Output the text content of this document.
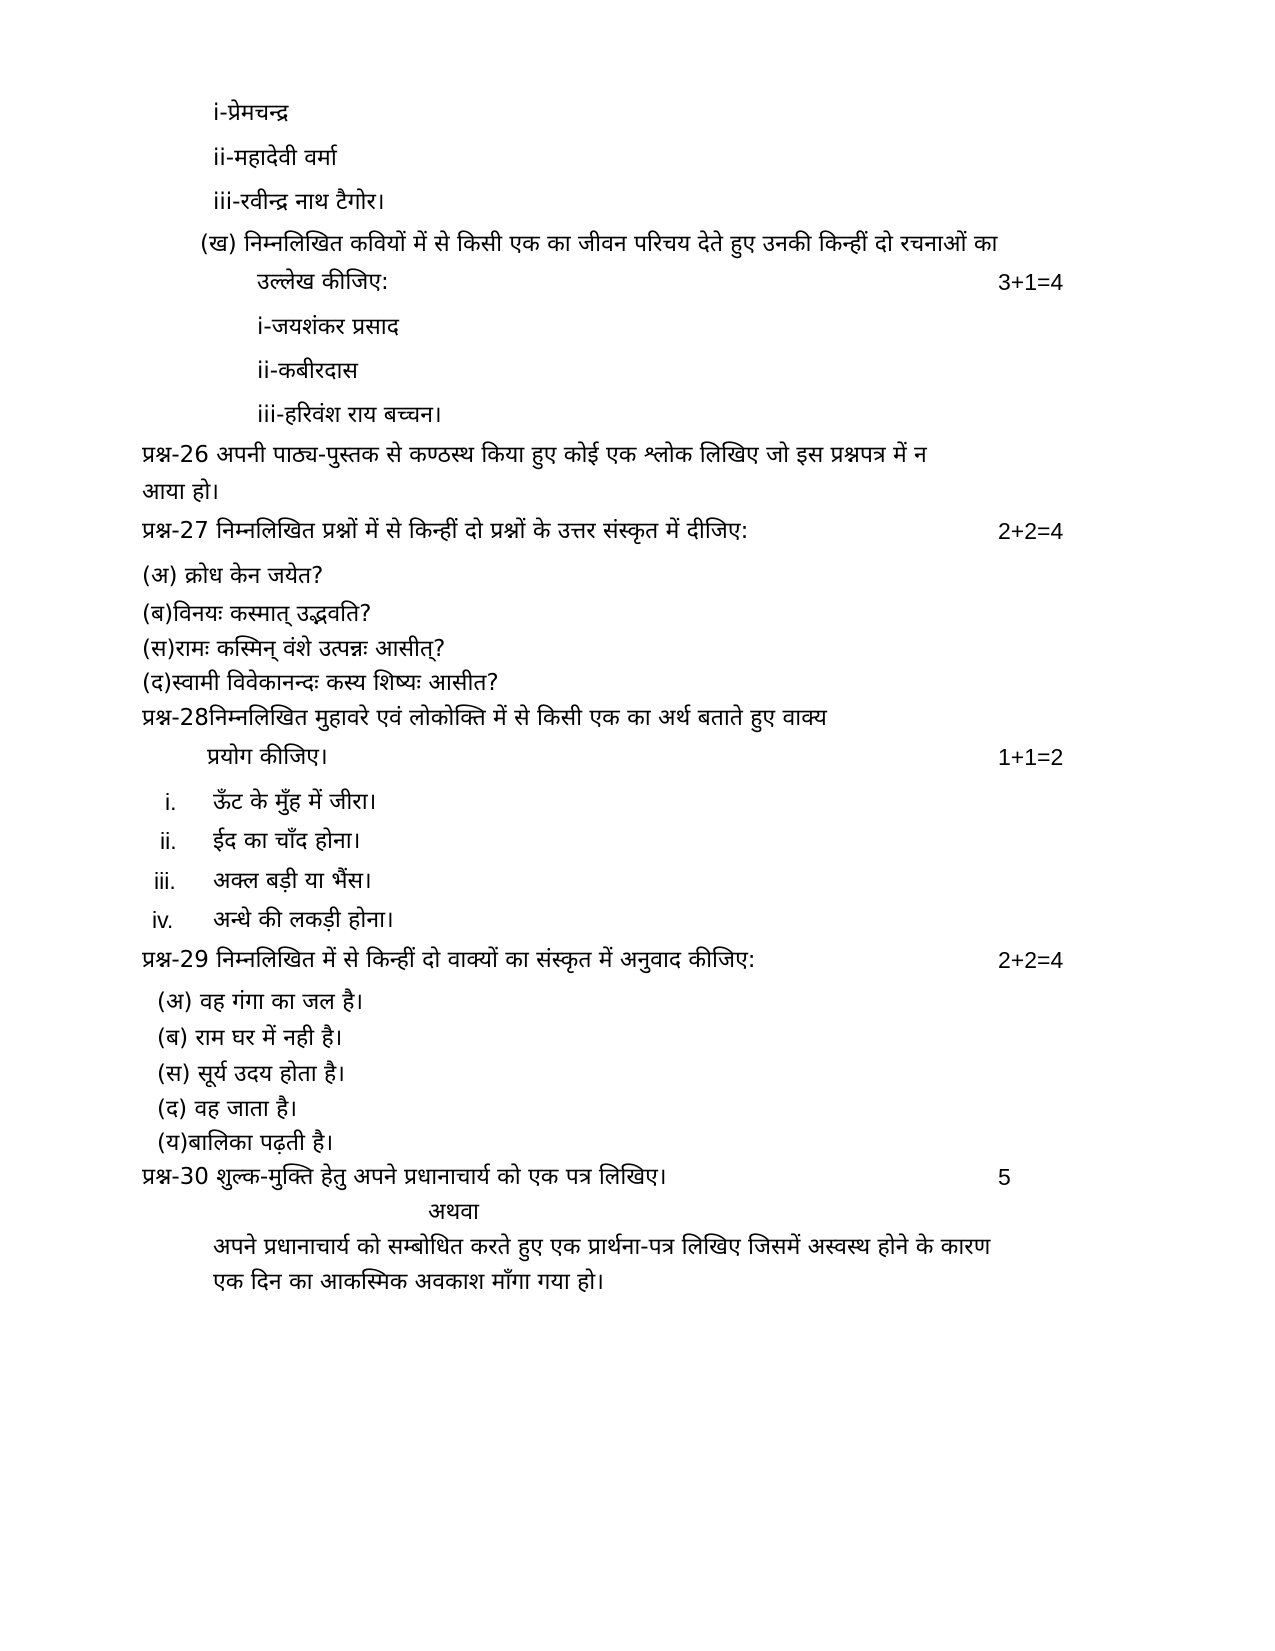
i-प्रेमचन्द्र

ii-महादेवी वर्मा

iii-रवीन्द्र नाथ टैगोर।

(ख) निम्नलिखित कवियों में से किसी एक का जीवन परिचय देते हुए उनकी किन्हीं दो रचनाओं का

उल्लेख कीजिए:	3+1=4

i-जयशंकर प्रसाद

ii-कबीरदास

iii-हरिवंश राय बच्चन।

प्रश्न-26 अपनी पाठ्य-पुस्तक से कण्ठस्थ किया हुए कोई एक श्लोक लिखिए जो इस प्रश्नपत्र में न

आया हो।

प्रश्न-27 निम्नलिखित प्रश्नों में से किन्हीं दो प्रश्नों के उत्तर संस्कृत में दीजिए:	2+2=4

(अ) क्रोध केन जयेत?

(ब)विनयः कस्मात् उद्भवति?

(स)रामः कस्मिन् वंशे उत्पन्नः आसीत्?

(द)स्वामी विवेकानन्दः कस्य शिष्यः आसीत?

प्रश्न-28निम्नलिखित मुहावरे एवं लोकोक्ति में से किसी एक का अर्थ बताते हुए वाक्य

प्रयोग कीजिए।	1+1=2
i. ऊँट के मुँह में जीरा।

ii. ईद का चाँद होना।

iii. अक्ल बड़ी या भैंस।

iv. अन्धे की लकड़ी होना।

प्रश्न-29 निम्नलिखित में से किन्हीं दो वाक्यों का संस्कृत में अनुवाद कीजिए:	2+2=4

(अ) वह गंगा का जल है।

(ब) राम घर में नही है।

(स) सूर्य उदय होता है।

(द) वह जाता है।

(य)बालिका पढ़ती है।

प्रश्न-30 शुल्क-मुक्ति हेतु अपने प्रधानाचार्य को एक पत्र लिखिए।	5

अथवा

अपने प्रधानाचार्य को सम्बोधित करते हुए एक प्रार्थना-पत्र लिखिए जिसमें अस्वस्थ होने के कारण

एक दिन का आकस्मिक अवकाश माँगा गया हो।
